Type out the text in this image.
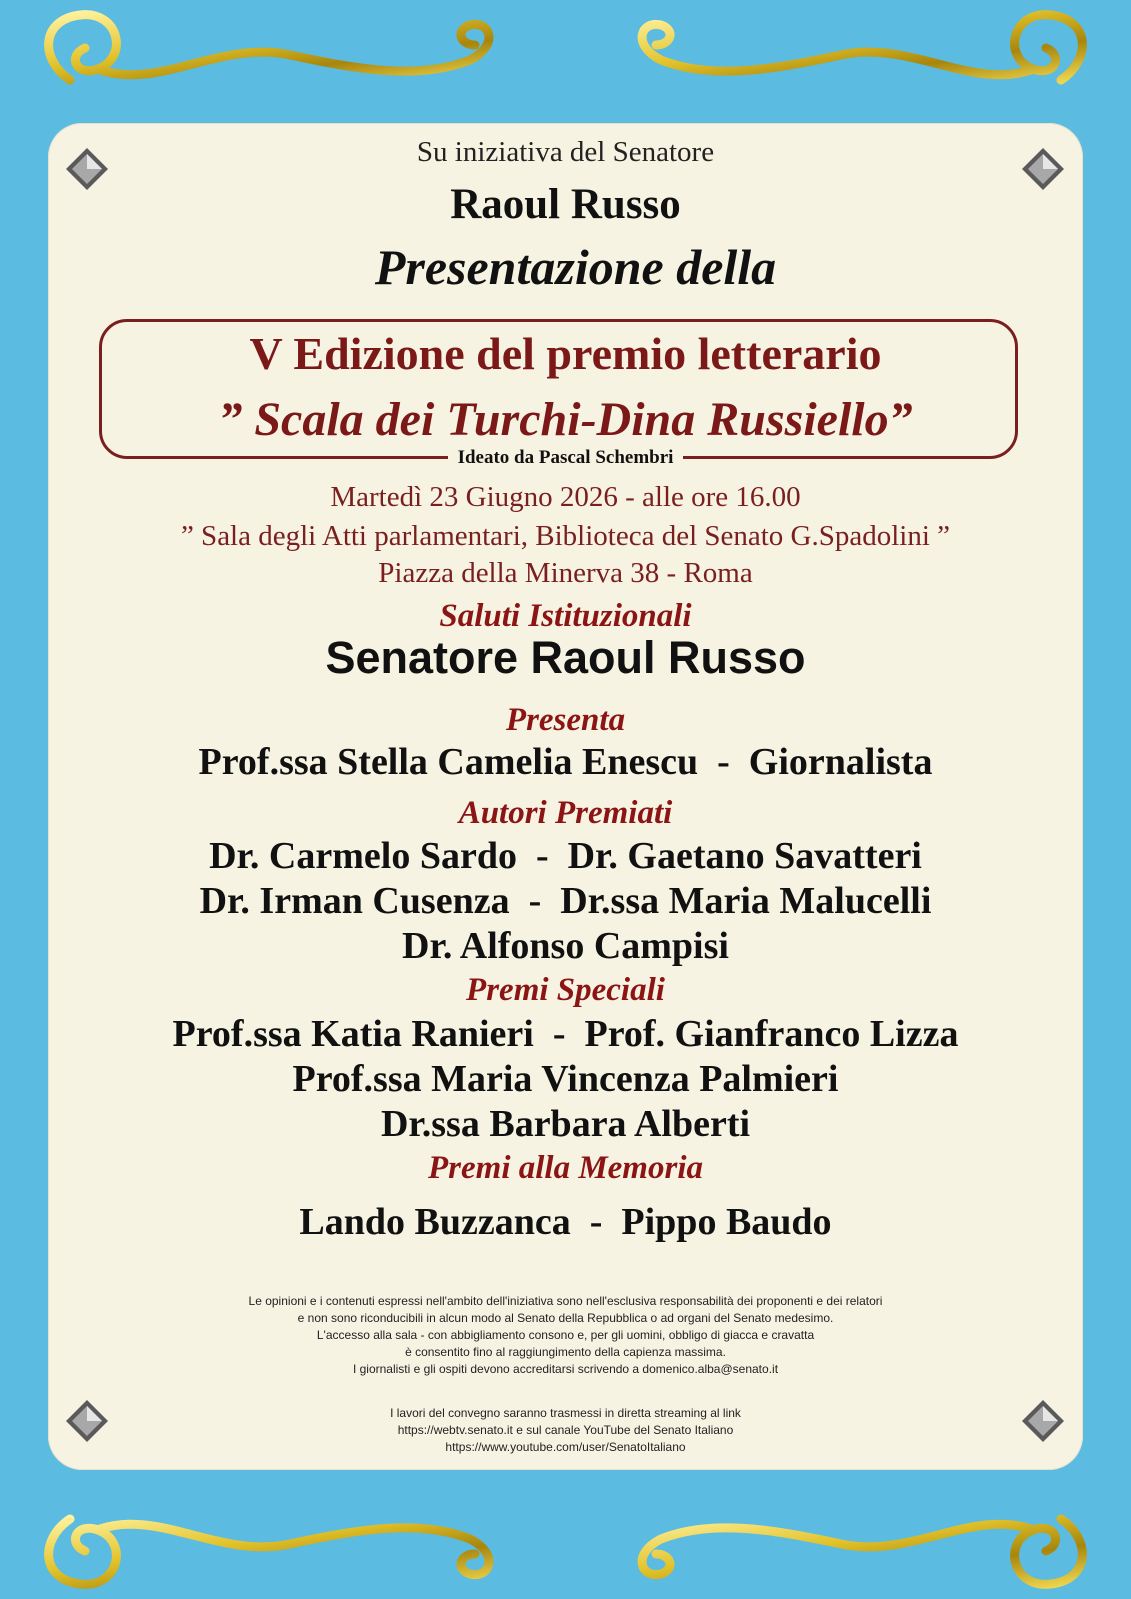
Su iniziativa del Senatore
Raoul Russo
Presentazione della
V Edizione del premio letterario
” Scala dei Turchi-Dina Russiello”
Ideato da Pascal Schembri
Martedì 23 Giugno 2026 - alle ore 16.00
” Sala degli Atti parlamentari, Biblioteca del Senato G.Spadolini ”
Piazza della Minerva 38 - Roma
Saluti Istituzionali
Senatore Raoul Russo
Presenta
Prof.ssa Stella Camelia Enescu  -  Giornalista
Autori Premiati
Dr. Carmelo Sardo  -  Dr. Gaetano Savatteri
Dr. Irman Cusenza  -  Dr.ssa Maria Malucelli
Dr. Alfonso Campisi
Premi Speciali
Prof.ssa Katia Ranieri  -  Prof. Gianfranco Lizza
Prof.ssa Maria Vincenza Palmieri
Dr.ssa Barbara Alberti
Premi alla Memoria
Lando Buzzanca  -  Pippo Baudo
Le opinioni e i contenuti espressi nell'ambito dell'iniziativa sono nell'esclusiva responsabilità dei proponenti e dei relatori
e non sono riconducibili in alcun modo al Senato della Repubblica o ad organi del Senato medesimo.
L'accesso alla sala - con abbigliamento consono e, per gli uomini, obbligo di giacca e cravatta
è consentito fino al raggiungimento della capienza massima.
I giornalisti e gli ospiti devono accreditarsi scrivendo a domenico.alba@senato.it
I lavori del convegno saranno trasmessi in diretta streaming al link
https://webtv.senato.it e sul canale YouTube del Senato Italiano
https://www.youtube.com/user/SenatoItaliano
